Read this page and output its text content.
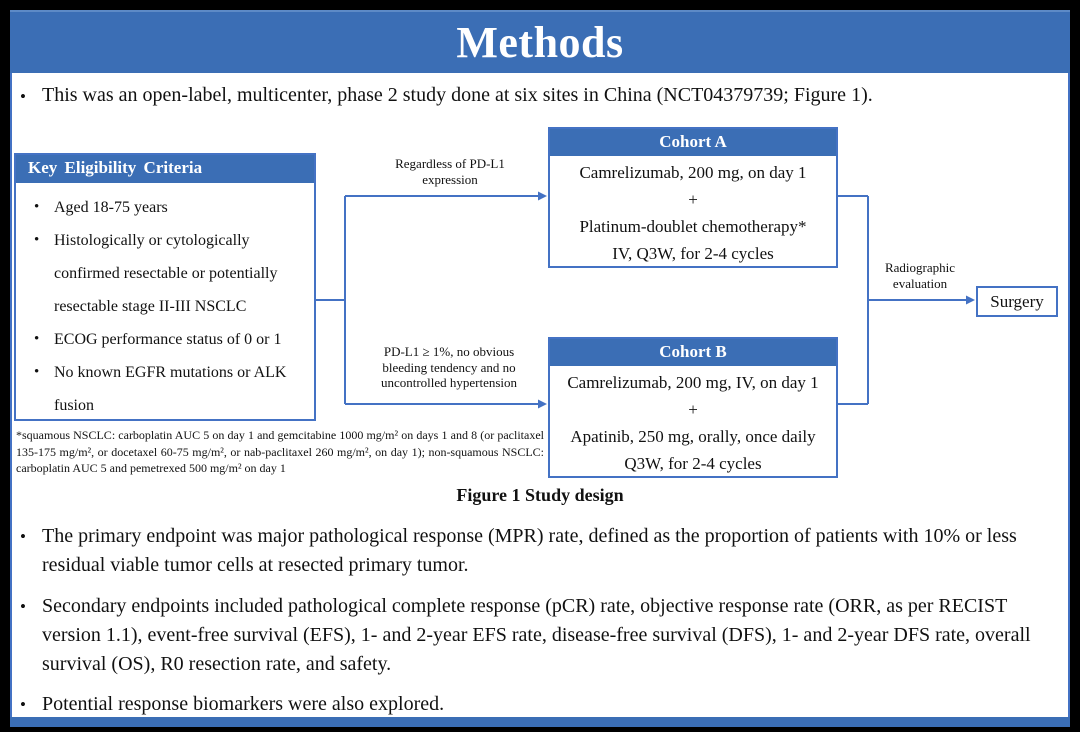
Methods
• This was an open-label, multicenter, phase 2 study done at six sites in China (NCT04379739; Figure 1).
Key Eligibility Criteria
• Aged 18-75 years
• Histologically or cytologically confirmed resectable or potentially resectable stage II-III NSCLC
• ECOG performance status of 0 or 1
• No known EGFR mutations or ALK fusion
Regardless of PD-L1 expression
PD-L1 ≥ 1%, no obvious bleeding tendency and no uncontrolled hypertension
Cohort A
Camrelizumab, 200 mg, on day 1
+
Platinum-doublet chemotherapy*
IV, Q3W, for 2-4 cycles
Cohort B
Camrelizumab, 200 mg, IV, on day 1
+
Apatinib, 250 mg, orally, once daily
Q3W, for 2-4 cycles
Radiographic evaluation
Surgery
*squamous NSCLC: carboplatin AUC 5 on day 1 and gemcitabine 1000 mg/m² on days 1 and 8 (or paclitaxel 135-175 mg/m², or docetaxel 60-75 mg/m², or nab-paclitaxel 260 mg/m², on day 1); non-squamous NSCLC: carboplatin AUC 5 and pemetrexed 500 mg/m² on day 1
Figure 1 Study design
• The primary endpoint was major pathological response (MPR) rate, defined as the proportion of patients with 10% or less residual viable tumor cells at resected primary tumor.
• Secondary endpoints included pathological complete response (pCR) rate, objective response rate (ORR, as per RECIST version 1.1), event-free survival (EFS), 1- and 2-year EFS rate, disease-free survival (DFS), 1- and 2-year DFS rate, overall survival (OS), R0 resection rate, and safety.
• Potential response biomarkers were also explored.
